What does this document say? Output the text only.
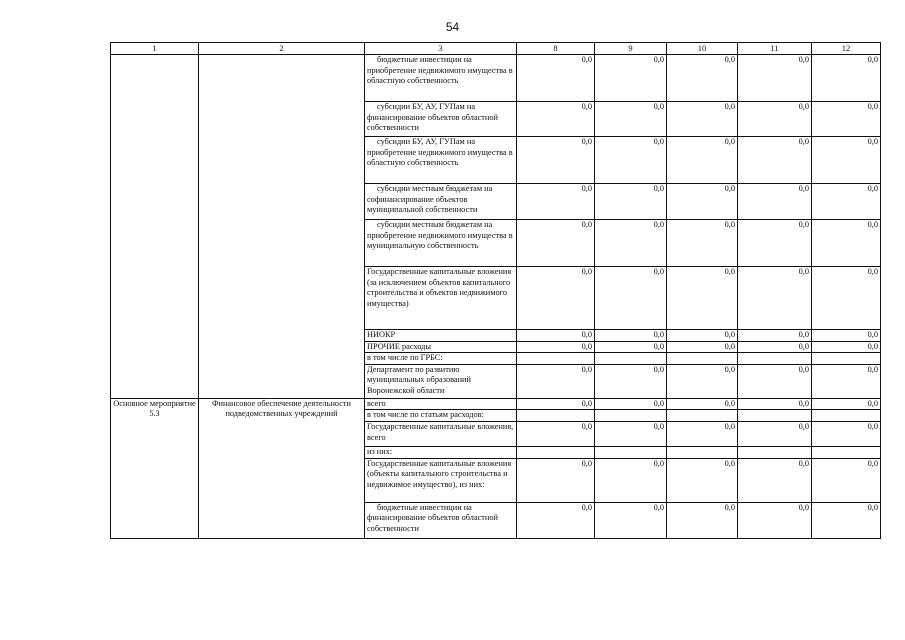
54
1	2	3	8	9	10	11	12
		бюджетные инвестиции на приобретение недвижимого имущества в областную собственность	0,0	0,0	0,0	0,0	0,0
		субсидии БУ, АУ, ГУПам на финансирование объектов областной собственности	0,0	0,0	0,0	0,0	0,0
		субсидии БУ, АУ, ГУПам на приобретение недвижимого имущества в областную собственность	0,0	0,0	0,0	0,0	0,0
		субсидии местным бюджетам на софинансирование объектов муниципальной собственности	0,0	0,0	0,0	0,0	0,0
		субсидии местным бюджетам на приобретение недвижимого имущества в муниципальную собственность	0,0	0,0	0,0	0,0	0,0
		Государственные капитальные вложения (за исключением объектов капитального строительства и объектов недвижимого имущества)	0,0	0,0	0,0	0,0	0,0
		НИОКР	0,0	0,0	0,0	0,0	0,0
		ПРОЧИЕ расходы	0,0	0,0	0,0	0,0	0,0
		в том числе по ГРБС:					
		Департамент по развитию муниципальных образований Воронежской области	0,0	0,0	0,0	0,0	0,0
Основное мероприятие 5.3	Финансовое обеспечение деятельности подведомственных учреждений	всего	0,0	0,0	0,0	0,0	0,0
		в том числе по статьям расходов:					
		Государственные капитальные вложения, всего	0,0	0,0	0,0	0,0	0,0
		из них:					
		Государственные капитальные вложения (объекты капитального строительства и недвижимое имущество), из них:	0,0	0,0	0,0	0,0	0,0
		бюджетные инвестиции на финансирование объектов областной собственности	0,0	0,0	0,0	0,0	0,0
